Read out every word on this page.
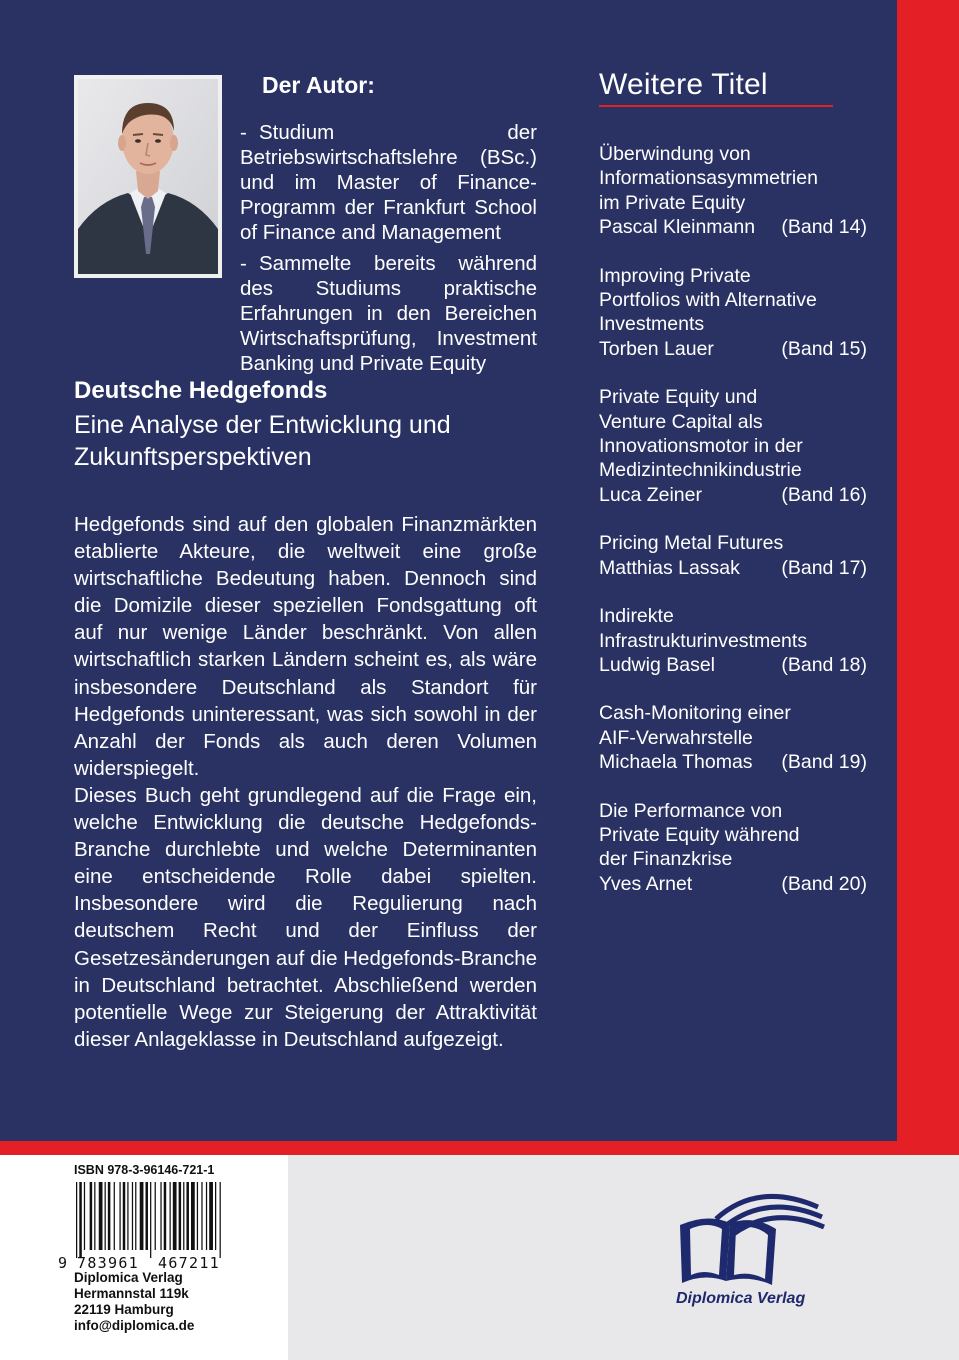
Der Autor:
- Studium der Betriebswirtschaftslehre (BSc.) und im Master of Finance-Programm der Frankfurt School of Finance and Management
- Sammelte bereits während des Studiums praktische Erfahrungen in den Bereichen Wirtschaftsprüfung, Investment Banking und Private Equity
Deutsche Hedgefonds
Eine Analyse der Entwicklung und Zukunftsperspektiven

Hedgefonds sind auf den globalen Finanzmärkten etablierte Akteure, die weltweit eine große wirtschaftliche Bedeutung haben. Dennoch sind die Domizile dieser speziellen Fondsgattung oft auf nur wenige Länder beschränkt. Von allen wirtschaftlich starken Ländern scheint es, als wäre insbesondere Deutschland als Standort für Hedgefonds uninteressant, was sich sowohl in der Anzahl der Fonds als auch deren Volumen widerspiegelt.

Dieses Buch geht grundlegend auf die Frage ein, welche Entwicklung die deutsche Hedgefonds-Branche durchlebte und welche Determinanten eine entscheidende Rolle dabei spielten. Insbesondere wird die Regulierung nach deutschem Recht und der Einfluss der Gesetzesänderungen auf die Hedgefonds-Branche in Deutschland betrachtet. Abschließend werden potentielle Wege zur Steigerung der Attraktivität dieser Anlageklasse in Deutschland aufgezeigt.

Weitere Titel
Überwindung von
Informationsasymmetrien
im Private Equity
Pascal Kleinmann (Band 14)
Improving Private
Portfolios with Alternative
Investments
Torben Lauer	(Band 15)
Private Equity und
Venture Capital als
Innovationsmotor in der
Medizintechnikindustrie
Luca Zeiner	(Band 16)
Pricing Metal Futures
Matthias Lassak (Band 17)
Indirekte
Infrastrukturinvestments
Ludwig Basel	(Band 18)
Cash-Monitoring einer
AIF-Verwahrstelle
Michaela Thomas (Band 19)
Die Performance von
Private Equity während
der Finanzkrise
Yves Arnet	(Band 20)
ISBN 978-3-96146-721-1
9 783961 467211
Diplomica Verlag
Hermannstal 119k
22119 Hamburg
info@diplomica.de
Diplomica Verlag
